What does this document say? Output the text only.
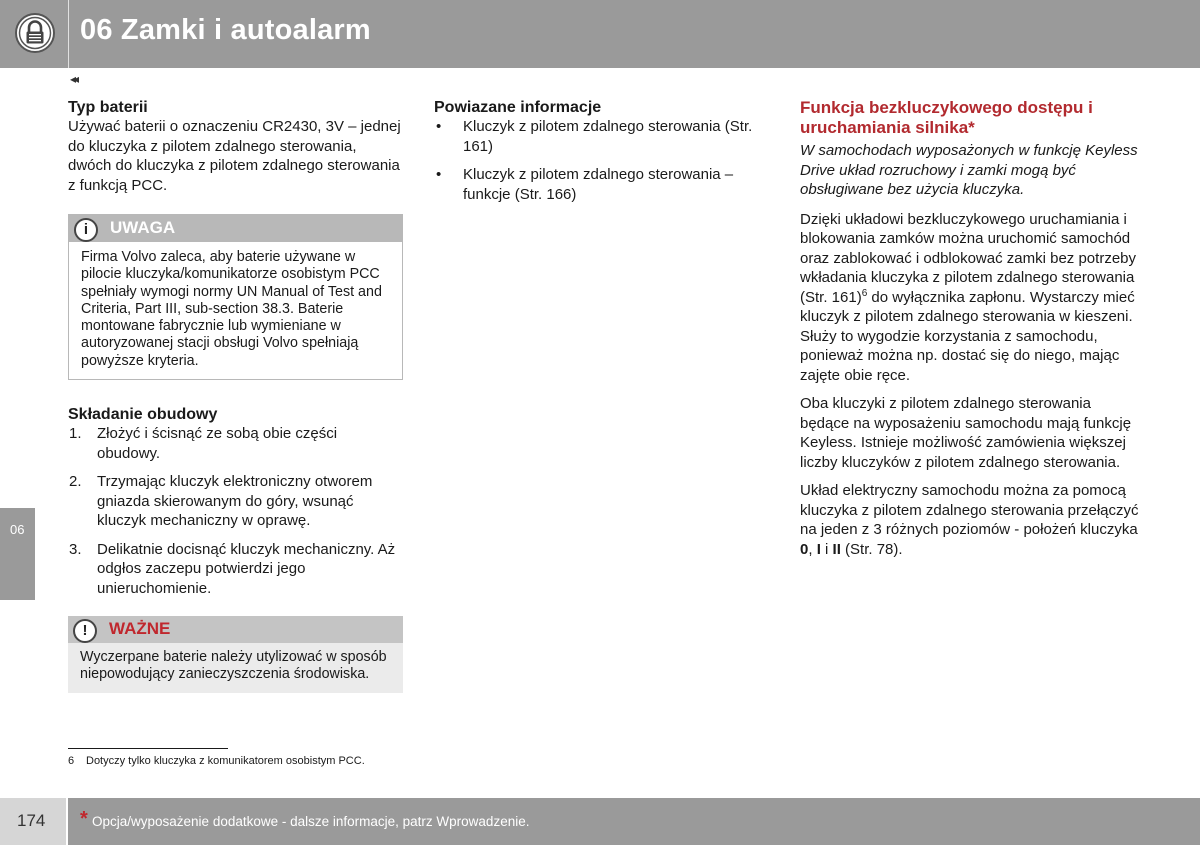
06 Zamki i autoalarm
◂◂
06
Typ baterii

Używać baterii o oznaczeniu CR2430, 3V – jednej do kluczyka z pilotem zdalnego sterowania, dwóch do kluczyka z pilotem zdalnego sterowania z funkcją PCC.

i	UWAGA
Firma Volvo zaleca, aby baterie używane w pilocie kluczyka/komunikatorze osobistym PCC spełniały wymogi normy UN Manual of Test and Criteria, Part III, sub-section 38.3. Baterie montowane fabrycznie lub wymieniane w autoryzowanej stacji obsługi Volvo spełniają powyższe kryteria.
Składanie obudowy
1. Złożyć i ścisnąć ze sobą obie części obudowy.
2. Trzymając kluczyk elektroniczny otworem gniazda skierowanym do góry, wsunąć kluczyk mechaniczny w oprawę.
3. Delikatnie docisnąć kluczyk mechaniczny. Aż odgłos zaczepu potwierdzi jego unieruchomienie.
!	WAŻNE
Wyczerpane baterie należy utylizować w sposób niepowodujący zanieczyszczenia środowiska.
Powiazane informacje
• Kluczyk z pilotem zdalnego sterowania (Str. 161)
• Kluczyk z pilotem zdalnego sterowania – funkcje (Str. 166)
Funkcja bezkluczykowego dostępu i uruchamiania silnika*

W samochodach wyposażonych w funkcję Keyless Drive układ rozruchowy i zamki mogą być obsługiwane bez użycia kluczyka.

Dzięki układowi bezkluczykowego uruchamiania i blokowania zamków można uruchomić samochód oraz zablokować i odblokować zamki bez potrzeby wkładania kluczyka z pilotem zdalnego sterowania (Str. 161)$^6$ do wyłącznika zapłonu. Wystarczy mieć kluczyk z pilotem zdalnego sterowania w kieszeni. Służy to wygodzie korzystania z samochodu, ponieważ można np. dostać się do niego, mając zajęte obie ręce.

Oba kluczyki z pilotem zdalnego sterowania będące na wyposażeniu samochodu mają funkcję Keyless. Istnieje możliwość zamówienia większej liczby kluczyków z pilotem zdalnego sterowania.

Układ elektryczny samochodu można za pomocą kluczyka z pilotem zdalnego sterowania przełączyć na jeden z 3 różnych poziomów - położeń kluczyka 0, I i II (Str. 78).

6 Dotyczy tylko kluczyka z komunikatorem osobistym PCC.
174 * Opcja/wyposażenie dodatkowe - dalsze informacje, patrz Wprowadzenie.
